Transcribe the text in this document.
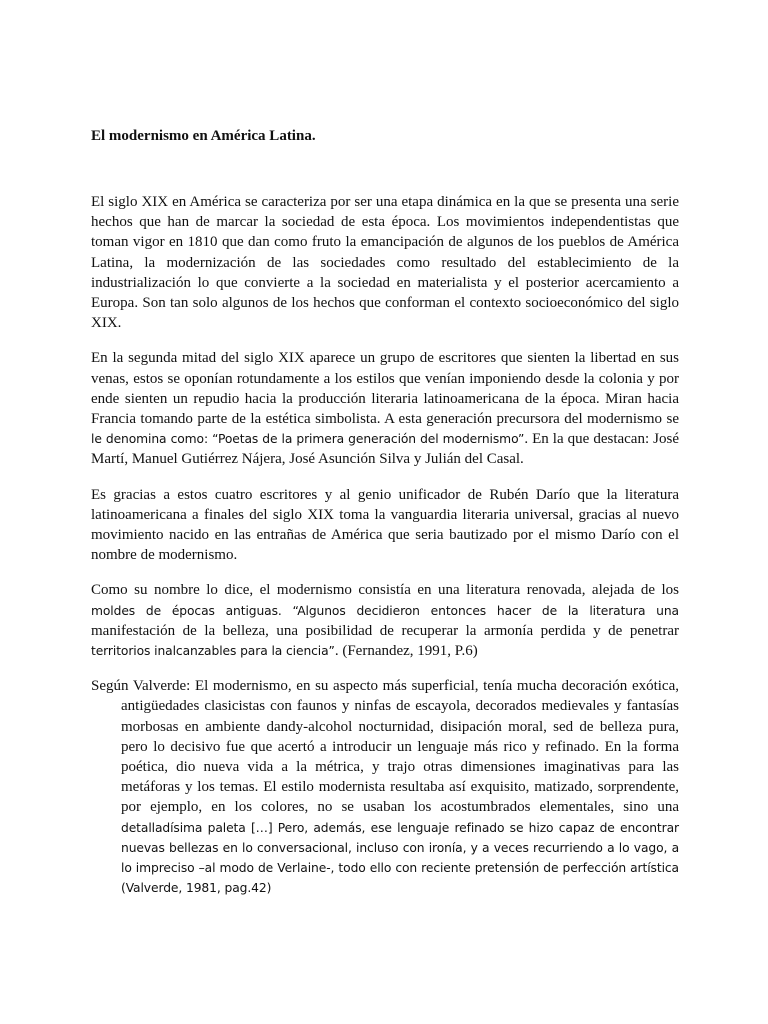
El modernismo en América Latina.

El siglo XIX en América se caracteriza por ser una etapa dinámica en la que se presenta una serie hechos que han de marcar la sociedad de esta época. Los movimientos independentistas que toman vigor en 1810 que dan como fruto la emancipación de algunos de los pueblos de América Latina, la modernización de las sociedades como resultado del establecimiento de la industrialización lo que convierte a la sociedad en materialista y el posterior acercamiento a Europa. Son tan solo algunos de los hechos que conforman el contexto socioeconómico del siglo XIX.

En la segunda mitad del siglo XIX aparece un grupo de escritores que sienten la libertad en sus venas, estos se oponían rotundamente a los estilos que venían imponiendo desde la colonia y por ende sienten un repudio hacia la producción literaria latinoamericana de la época. Miran hacia Francia tomando parte de la estética simbolista. A esta generación precursora del modernismo se le denomina como: “Poetas de la primera generación del modernismo”. En la que destacan: José Martí, Manuel Gutiérrez Nájera, José Asunción Silva y Julián del Casal.

Es gracias a estos cuatro escritores y al genio unificador de Rubén Darío que la literatura latinoamericana a finales del siglo XIX toma la vanguardia literaria universal, gracias al nuevo movimiento nacido en las entrañas de América que seria bautizado por el mismo Darío con el nombre de modernismo.

Como su nombre lo dice, el modernismo consistía en una literatura renovada, alejada de los moldes de épocas antiguas. “Algunos decidieron entonces hacer de la literatura una manifestación de la belleza, una posibilidad de recuperar la armonía perdida y de penetrar territorios inalcanzables para la ciencia”. (Fernandez, 1991, P.6)

Según Valverde: El modernismo, en su aspecto más superficial, tenía mucha decoración exótica, antigüedades clasicistas con faunos y ninfas de escayola, decorados medievales y fantasías morbosas en ambiente dandy-alcohol nocturnidad, disipación moral, sed de belleza pura, pero lo decisivo fue que acertó a introducir un lenguaje más rico y refinado. En la forma poética, dio nueva vida a la métrica, y trajo otras dimensiones imaginativas para las metáforas y los temas. El estilo modernista resultaba así exquisito, matizado, sorprendente, por ejemplo, en los colores, no se usaban los acostumbrados elementales, sino una detalladísima paleta […] Pero, además, ese lenguaje refinado se hizo capaz de encontrar nuevas bellezas en lo conversacional, incluso con ironía, y a veces recurriendo a lo vago, a lo impreciso –al modo de Verlaine-, todo ello con reciente pretensión de perfección artística (Valverde, 1981, pag.42)
